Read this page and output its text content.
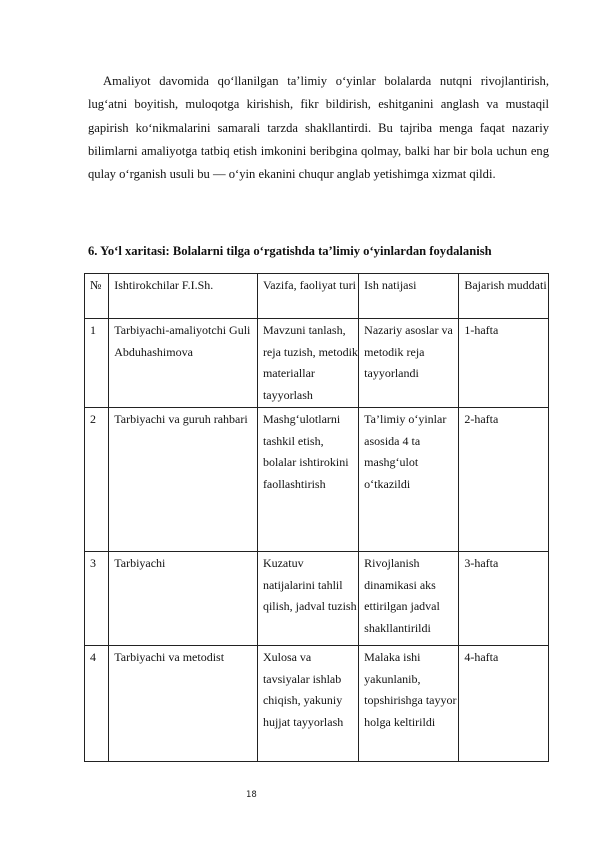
Amaliyot davomida qo‘llanilgan ta’limiy o‘yinlar bolalarda nutqni rivojlantirish, lug‘atni boyitish, muloqotga kirishish, fikr bildirish, eshitganini anglash va mustaqil gapirish ko‘nikmalarini samarali tarzda shakllantirdi. Bu tajriba menga faqat nazariy bilimlarni amaliyotga tatbiq etish imkonini beribgina qolmay, balki har bir bola uchun eng qulay o‘rganish usuli bu — o‘yin ekanini chuqur anglab yetishimga xizmat qildi.

6. Yo‘l xaritasi: Bolalarni tilga o‘rgatishda ta’limiy o‘yinlardan foydalanish

№	Ishtirokchilar F.I.Sh.	Vazifa, faoliyat turi	Ish natijasi	Bajarish muddati
1	Tarbiyachi-amaliyotchi Guli Abduhashimova	Mavzuni tanlash, reja tuzish, metodik materiallar tayyorlash	Nazariy asoslar va metodik reja tayyorlandi	1-hafta
2	Tarbiyachi va guruh rahbari	Mashg‘ulotlarni tashkil etish, bolalar ishtirokini faollashtirish	Ta’limiy o‘yinlar asosida 4 ta mashg‘ulot o‘tkazildi	2-hafta
3	Tarbiyachi	Kuzatuv natijalarini tahlil qilish, jadval tuzish	Rivojlanish dinamikasi aks ettirilgan jadval shakllantirildi	3-hafta
4	Tarbiyachi va metodist	Xulosa va tavsiyalar ishlab chiqish, yakuniy hujjat tayyorlash	Malaka ishi yakunlanib, topshirishga tayyor holga keltirildi	4-hafta
18
